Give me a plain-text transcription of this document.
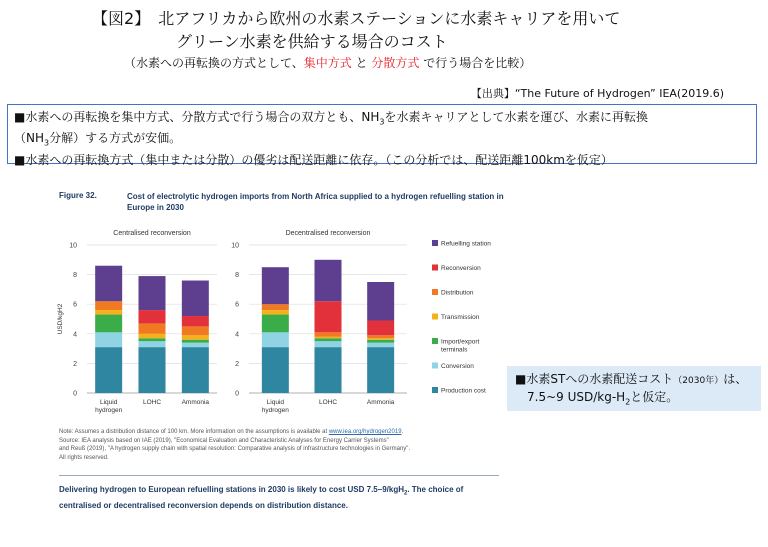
【図2】 北アフリカから欧州の水素ステーションに水素キャリアを用いて
グリーン水素を供給する場合のコスト
（水素への再転換の方式として、集中方式 と 分散方式 で行う場合を比較）
【出典】“The Future of Hydrogen” IEA(2019.6)
■水素への再転換を集中方式、分散方式で行う場合の双方とも、$NH_3$を水素キャリアとして水素を運び、水素に再転換
（$NH_3$分解）する方式が安価。
■水素への再転換方式（集中または分散）の優劣は配送距離に依存。（この分析では、配送距離100kmを仮定）
Figure 32.	Cost of electrolytic hydrogen imports from North Africa supplied to a hydrogen refuelling station in Europe in 2030
USD/kgH2
Centralised reconversion
0
2
4
6
8
10
Liquid
hydrogen
LOHC	Ammonia
Decentralised reconversion
0
2
4
6
8
10
Liquid
hydrogen
LOHC	Ammonia
Refuelling station
Reconversion
Distribution
Transmission
Import/export
terminals
Conversion
Production cost
Note: Assumes a distribution distance of 100 km. More information on the assumptions is available at www.iea.org/hydrogen2019.
Source: IEA analysis based on IAE (2019), "Economical Evaluation and Characteristic Analyses for Energy Carrier Systems"
and Reuß (2019), "A hydrogen supply chain with spatial resolution: Comparative analysis of infrastructure technologies in Germany".
All rights reserved.
Delivering hydrogen to European refuelling stations in 2030 is likely to cost USD 7.5–9/kgH$_2$. The choice of centralised or decentralised reconversion depends on distribution distance.
■水素STへの水素配送コスト（2030年）は、
7.5~9 USD/$kg-H_2$と仮定。
